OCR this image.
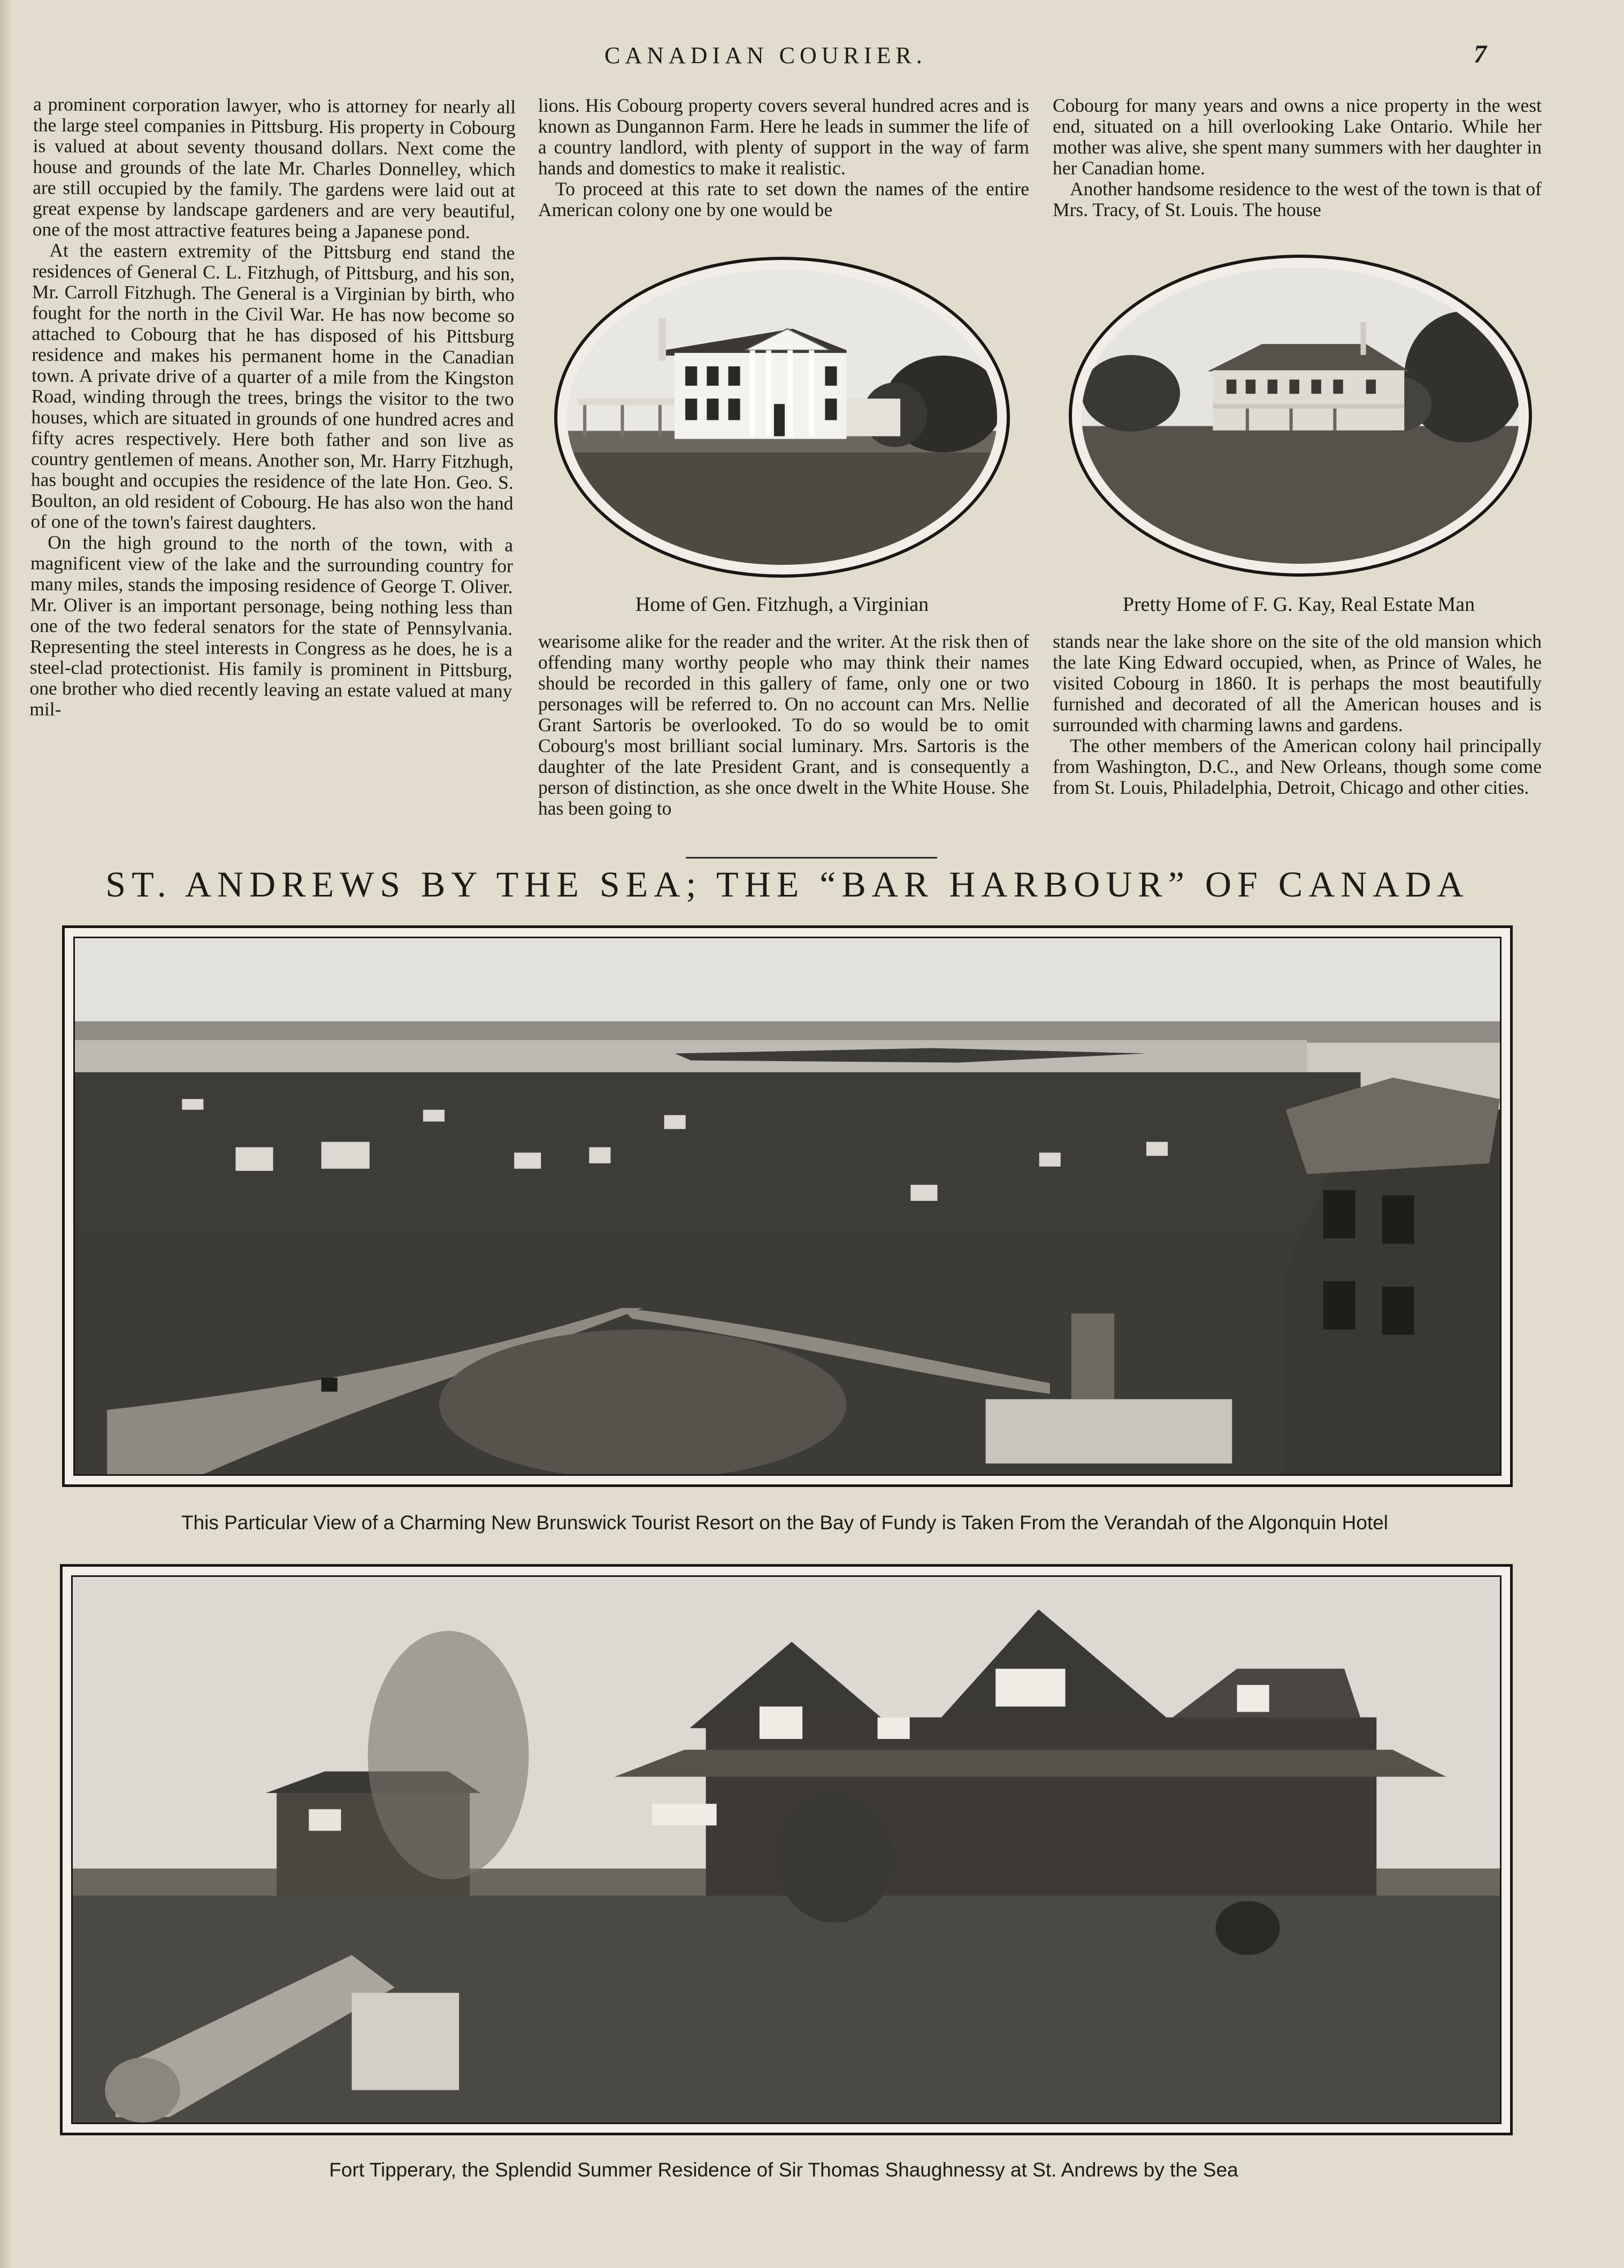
CANADIAN COURIER.	7

a prominent corporation lawyer, who is attorney for nearly all the large steel companies in Pittsburg. His property in Cobourg is valued at about seventy thousand dollars. Next come the house and grounds of the late Mr. Charles Donnelley, which are still occupied by the family. The gardens were laid out at great expense by landscape gardeners and are very beautiful, one of the most attractive features being a Japanese pond.

At the eastern extremity of the Pittsburg end stand the residences of General C. L. Fitzhugh, of Pittsburg, and his son, Mr. Carroll Fitzhugh. The General is a Virginian by birth, who fought for the north in the Civil War. He has now become so attached to Cobourg that he has disposed of his Pittsburg residence and makes his permanent home in the Canadian town. A private drive of a quarter of a mile from the Kingston Road, winding through the trees, brings the visitor to the two houses, which are situated in grounds of one hundred acres and fifty acres respectively. Here both father and son live as country gentlemen of means. Another son, Mr. Harry Fitzhugh, has bought and occupies the residence of the late Hon. Geo. S. Boulton, an old resident of Cobourg. He has also won the hand of one of the town's fairest daughters.

On the high ground to the north of the town, with a magnificent view of the lake and the surrounding country for many miles, stands the imposing residence of George T. Oliver. Mr. Oliver is an important personage, being nothing less than one of the two federal senators for the state of Pennsylvania. Representing the steel interests in Congress as he does, he is a steel-clad protectionist. His family is prominent in Pittsburg, one brother who died recently leaving an estate valued at many mil-

lions. His Cobourg property covers several hundred acres and is known as Dungannon Farm. Here he leads in summer the life of a country landlord, with plenty of support in the way of farm hands and domestics to make it realistic.

To proceed at this rate to set down the names of the entire American colony one by one would be

Cobourg for many years and owns a nice property in the west end, situated on a hill overlooking Lake Ontario. While her mother was alive, she spent many summers with her daughter in her Canadian home.

Another handsome residence to the west of the town is that of Mrs. Tracy, of St. Louis. The house

Home of Gen. Fitzhugh, a Virginian	Pretty Home of F. G. Kay, Real Estate Man

wearisome alike for the reader and the writer. At the risk then of offending many worthy people who may think their names should be recorded in this gallery of fame, only one or two personages will be referred to. On no account can Mrs. Nellie Grant Sartoris be overlooked. To do so would be to omit Cobourg's most brilliant social luminary. Mrs. Sartoris is the daughter of the late President Grant, and is consequently a person of distinction, as she once dwelt in the White House. She has been going to

stands near the lake shore on the site of the old mansion which the late King Edward occupied, when, as Prince of Wales, he visited Cobourg in 1860. It is perhaps the most beautifully furnished and decorated of all the American houses and is surrounded with charming lawns and gardens.

The other members of the American colony hail principally from Washington, D.C., and New Orleans, though some come from St. Louis, Philadelphia, Detroit, Chicago and other cities.

ST. ANDREWS BY THE SEA; THE “BAR HARBOUR” OF CANADA
This Particular View of a Charming New Brunswick Tourist Resort on the Bay of Fundy is Taken From the Verandah of the Algonquin Hotel
Fort Tipperary, the Splendid Summer Residence of Sir Thomas Shaughnessy at St. Andrews by the Sea
